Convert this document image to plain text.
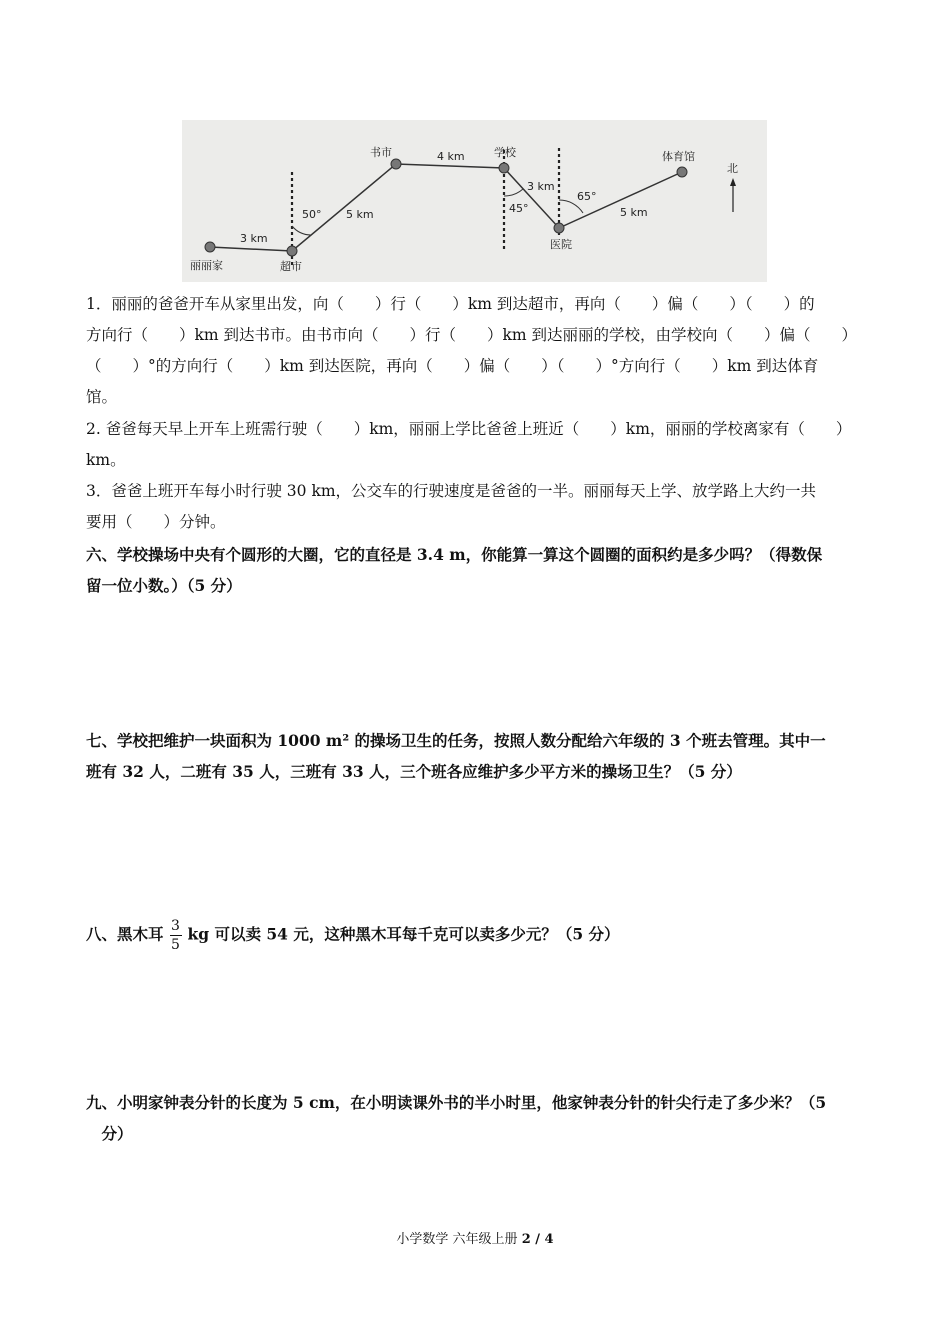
丽丽家	超市
书市	学校
医院
体育馆
3 km
5 km
4 km
3 km
5 km
50°	45°
65°
北
1．丽丽的爸爸开车从家里出发，向（　　）行（　　）km 到达超市，再向（　　）偏（　　）（　　）的
方向行（　　）km 到达书市。由书市向（　　）行（　　）km 到达丽丽的学校，由学校向（　　）偏（　　）
（　　）°的方向行（　　）km 到达医院，再向（　　）偏（　　）（　　）°方向行（　　）km 到达体育
馆。
2. 爸爸每天早上开车上班需行驶（　　）km，丽丽上学比爸爸上班近（　　）km，丽丽的学校离家有（　　）
km。
3．爸爸上班开车每小时行驶 30 km，公交车的行驶速度是爸爸的一半。丽丽每天上学、放学路上大约一共
要用（　　）分钟。
六、学校操场中央有个圆形的大圈，它的直径是 3.4 m，你能算一算这个圆圈的面积约是多少吗？（得数保
留一位小数。）（5 分）
七、学校把维护一块面积为 1000 m² 的操场卫生的任务，按照人数分配给六年级的 3 个班去管理。其中一
班有 32 人，二班有 35 人，三班有 33 人，三个班各应维护多少平方米的操场卫生？（5 分）
八、黑木耳 $\frac{3}{5}$ kg 可以卖 54 元，这种黑木耳每千克可以卖多少元？（5 分）
九、小明家钟表分针的长度为 5 cm，在小明读课外书的半小时里，他家钟表分针的针尖行走了多少米？（5
　分）
小学数学 六年级上册 2 / 4
